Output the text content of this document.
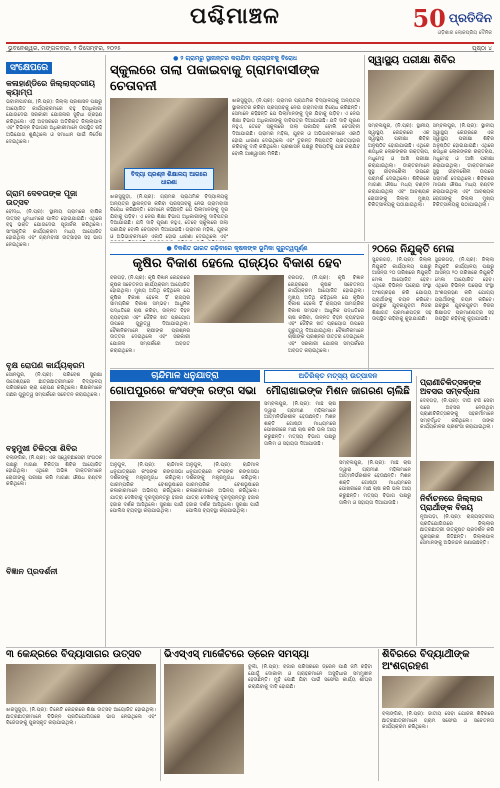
ପଶ୍ଚିମାଞ୍ଚଳ	50 ପ୍ରତିଦିନ
ଓଡ଼ିଶାର ଲୋକପ୍ରିୟ ଦୈନିକ
ଭୁବନେଶ୍ୱର, ମଙ୍ଗଳବାର, ୨ ଡିସେମ୍ବର, ୨୦୨୫	ପୃଷ୍ଠା ୪
ସଂକ୍ଷେପରେ
କଳାହାଣ୍ଡିରେ ଜିଲ୍ଲାସ୍ତରୀୟ କ୍ୟାମ୍ପ
ଭବାନୀପାଟଣା, (ନି.ପ୍ର): ଜିଲ୍ଲା ପ୍ରଶାସନ ପକ୍ଷରୁ ଆୟୋଜିତ କାର୍ଯ୍ୟକ୍ରମରେ ବହୁ ହିତାଧିକାରୀ ଯୋଗଦେଇ ସରକାରୀ ଯୋଜନାର ସୁବିଧା ଗ୍ରହଣ କରିଥିଲେ। ଏହି ଅବସରରେ ଅତିରିକ୍ତ ଜିଲ୍ଲାପାଳ ଏବଂ ବିଭିନ୍ନ ବିଭାଗର ଅଧିକାରୀମାନେ ଉପସ୍ଥିତ ରହି ଅଭିଯୋଗ ଶୁଣିଥିଲେ ଓ ସମାଧାନ ପାଇଁ ନିର୍ଦ୍ଦେଶ ଦେଇଥିଲେ।
ଗ୍ରାମ ଦେବତାଙ୍କ ପୂଜା ଉତ୍ସବ
ବୌଦ୍ଧ, (ନି.ପ୍ର): ସ୍ଥାନୀୟ ଗ୍ରାମରେ ବାର୍ଷିକ ଉତ୍ସବ ଧୁମଧାମରେ ପାଳିତ ହୋଇଯାଇଛି। ଏଥିରେ ବହୁ ଭକ୍ତ ଯୋଗଦେଇ ପୂଜାର୍ଚ୍ଚନା କରିଥିଲେ। ସାଂସ୍କୃତିକ କାର୍ଯ୍ୟକ୍ରମ ମଧ୍ୟ ଆୟୋଜିତ ହୋଇଥିଲା ଏବଂ ଗ୍ରାମବାସୀ ଉତ୍ସାହର ସହ ଭାଗ ନେଇଥିଲେ।
ବୃକ୍ଷ ରୋପଣ କାର୍ଯ୍ୟକ୍ରମ
ସୋନପୁର, (ନି.ପ୍ର): ପରିବେଶ ସୁରକ୍ଷା ଉଦ୍ଦେଶ୍ୟରେ ଛାତ୍ରଛାତ୍ରୀମାନେ ବିଦ୍ୟାଳୟ ପରିସରରେ ଚାରା ରୋପଣ କରିଥିଲେ। ଶିକ୍ଷକମାନେ ଗଛର ଗୁରୁତ୍ୱ ସମ୍ପର୍କରେ ସଚେତନ କରାଇଥିଲେ।
ବହୁମୁଖୀ ଚିକିତ୍ସା ଶିବିର
ବଲାଙ୍ଗିର, (ନି.ପ୍ର): ଏକ ସ୍ୱେଚ୍ଛାସେବୀ ସଂଗଠନ ପକ୍ଷରୁ ମାଗଣା ଚିକିତ୍ସା ଶିବିର ଆୟୋଜିତ ହୋଇଥିଲା। ଏଥିରେ ଅଭିଜ୍ଞ ଡାକ୍ତରମାନେ ରୋଗୀଙ୍କୁ ପରୀକ୍ଷା କରି ମାଗଣା ଔଷଧ ବଣ୍ଟନ କରିଥିଲେ।
ବିଜ୍ଞାନ ପ୍ରଦର୍ଶନୀ
● ୨ ଗ୍ରାମରୁ ସ୍ଥାନାନ୍ତର କରାଯିବା ପ୍ରସ୍ତାବକୁ ବିରୋଧ
ସ୍କୁଲରେ ତାଲା ପକାଇବାକୁ ଗ୍ରାମବାସୀଙ୍କ ଚେତାବନୀ
ବିଦ୍ୟା ପ୍ରଶ୍ନ ଶିକ୍ଷାଳୟ ଆଗରେ ଧାରଣା
ଝାରସୁଗୁଡ଼ା, (ନି.ପ୍ର): ଗ୍ରାମର ପ୍ରାଥମିକ ବିଦ୍ୟାଳୟକୁ ଅନ୍ୟତ୍ର ସ୍ଥାନାନ୍ତର କରିବା ପ୍ରସ୍ତାବକୁ ନେଇ ଗ୍ରାମବାସୀ ବିରୋଧ କରିଛନ୍ତି। ସେମାନେ କହିଛନ୍ତି ଯେ ପିଲାମାନଙ୍କୁ ଦୂର ଯିବାକୁ ପଡ଼ିବ। ଏ ନେଇ ଶିକ୍ଷା ବିଭାଗ ଅଧିକାରୀଙ୍କୁ ଦାବିପତ୍ର ଦିଆଯାଇଛି। ଯଦି ଦାବି ପୂରଣ ନହୁଏ, ତେବେ ସ୍କୁଲରେ ତାଲା ପକାଯିବ ବୋଲି ଚେତାବନୀ ଦିଆଯାଇଛି। ଗ୍ରାମର ମହିଳା, ଯୁବକ ଓ ଅଭିଭାବକମାନେ ଏକାଠି ହୋଇ ଧାରଣା ଦେଇଥିଲେ ଏବଂ
ଝାରସୁଗୁଡ଼ା, (ନି.ପ୍ର): ଗ୍ରାମର ପ୍ରାଥମିକ ବିଦ୍ୟାଳୟକୁ ଅନ୍ୟତ୍ର ସ୍ଥାନାନ୍ତର କରିବା ପ୍ରସ୍ତାବକୁ ନେଇ ଗ୍ରାମବାସୀ ବିରୋଧ କରିଛନ୍ତି। ସେମାନେ କହିଛନ୍ତି ଯେ ପିଲାମାନଙ୍କୁ ଦୂର ଯିବାକୁ ପଡ଼ିବ। ଏ ନେଇ ଶିକ୍ଷା ବିଭାଗ ଅଧିକାରୀଙ୍କୁ ଦାବିପତ୍ର ଦିଆଯାଇଛି। ଯଦି ଦାବି ପୂରଣ ନହୁଏ, ତେବେ ସ୍କୁଲରେ ତାଲା ପକାଯିବ ବୋଲି ଚେତାବନୀ ଦିଆଯାଇଛି। ଗ୍ରାମର ମହିଳା, ଯୁବକ ଓ ଅଭିଭାବକମାନେ ଏକାଠି ହୋଇ ଧାରଣା ଦେଇଥିଲେ ଏବଂ ତୁରନ୍ତ ନିଷ୍ପତ୍ତି ପ୍ରତ୍ୟାହାର କରିବାକୁ ଦାବି କରିଥିଲେ। ପ୍ରଶାସନ ପକ୍ଷରୁ ବିଷୟଟିକୁ ଯାଞ୍ଚ କରାଯିବ ବୋଲି ଆଶ୍ୱାସନା ମିଳିଛି।
ସ୍ୱାସ୍ଥ୍ୟ ପରୀକ୍ଷା ଶିବିର
ସମ୍ବଲପୁର, (ନି.ପ୍ର): ସ୍ଥାନୀୟ ସ୍ୱାସ୍ଥ୍ୟ କେନ୍ଦ୍ରରେ ଏକ ସ୍ୱାସ୍ଥ୍ୟ ପରୀକ୍ଷା ଶିବିର ଅନୁଷ୍ଠିତ ହୋଇଯାଇଛି। ଏଥିରେ ଶତାଧିକ ଲୋକଙ୍କର ରକ୍ତଚାପ, ମଧୁମେହ ଓ ଆଖି ପରୀକ୍ଷା କରାଯାଇଥିଲା। ଡାକ୍ତରମାନେ ସୁସ୍ଥ ଜୀବନଶୈଳୀ ଉପରେ ପରାମର୍ଶ ଦେଇଥିଲେ। ଶିବିରରେ ମାଗଣା ଔଷଧ ମଧ୍ୟ ବଣ୍ଟନ କରାଯାଇଥିଲା ଏବଂ ଆବଶ୍ୟକ ରୋଗୀଙ୍କୁ ଜିଲ୍ଲା ମୁଖ୍ୟ ଚିକିତ୍ସାଳୟକୁ ପଠାଯାଇଥିଲା।
ସମ୍ବଲପୁର, (ନି.ପ୍ର): ସ୍ଥାନୀୟ ସ୍ୱାସ୍ଥ୍ୟ କେନ୍ଦ୍ରରେ ଏକ ସ୍ୱାସ୍ଥ୍ୟ ପରୀକ୍ଷା ଶିବିର ଅନୁଷ୍ଠିତ ହୋଇଯାଇଛି। ଏଥିରେ ଶତାଧିକ ଲୋକଙ୍କର ରକ୍ତଚାପ, ମଧୁମେହ ଓ ଆଖି ପରୀକ୍ଷା କରାଯାଇଥିଲା। ଡାକ୍ତରମାନେ ସୁସ୍ଥ ଜୀବନଶୈଳୀ ଉପରେ ପରାମର୍ଶ ଦେଇଥିଲେ। ଶିବିରରେ ମାଗଣା ଔଷଧ ମଧ୍ୟ ବଣ୍ଟନ କରାଯାଇଥିଲା ଏବଂ ଆବଶ୍ୟକ ରୋଗୀଙ୍କୁ ଜିଲ୍ଲା ମୁଖ୍ୟ ଚିକିତ୍ସାଳୟକୁ ପଠାଯାଇଥିଲା।
● ବିକଶିତ ଭାରତ ଗଢ଼ିବାରେ କୃଷକଙ୍କ ଭୂମିକା ଗୁରୁତ୍ୱପୂର୍ଣ୍ଣ
କୃଷିର ବିକାଶ ହେଲେ ରାଜ୍ୟର ବିକାଶ ହେବ
ବରଗଡ଼, (ନି.ପ୍ର): କୃଷି ବିଜ୍ଞାନ କେନ୍ଦ୍ରରେ କୃଷକ ସଚେତନତା କାର୍ଯ୍ୟକ୍ରମ ଆୟୋଜିତ ହୋଇଥିଲା। ମୁଖ୍ୟ ଅତିଥି କହିଥିଲେ ଯେ କୃଷିର ବିକାଶ ହେଲେ ହିଁ ରାଜ୍ୟର ସାମଗ୍ରିକ ବିକାଶ ସମ୍ଭବ। ଆଧୁନିକ ପଦ୍ଧତିରେ ଚାଷ କରିବା, ଉନ୍ନତ ବିହନ ବ୍ୟବହାର ଏବଂ ଜୈବିକ ଖତ ପ୍ରୟୋଗ ଉପରେ ଗୁରୁତ୍ୱ ଦିଆଯାଇଥିଲା। ବୈଜ୍ଞାନିକମାନେ ଚାଷୀଙ୍କ ପ୍ରଶ୍ନର ଉତ୍ତର ଦେଇଥିଲେ ଏବଂ ସରକାରୀ ଯୋଜନା ସମ୍ପର୍କରେ ଅବଗତ କରାଇଥିଲେ।
ବରଗଡ଼, (ନି.ପ୍ର): କୃଷି ବିଜ୍ଞାନ କେନ୍ଦ୍ରରେ କୃଷକ ସଚେତନତା କାର୍ଯ୍ୟକ୍ରମ ଆୟୋଜିତ ହୋଇଥିଲା। ମୁଖ୍ୟ ଅତିଥି କହିଥିଲେ ଯେ କୃଷିର ବିକାଶ ହେଲେ ହିଁ ରାଜ୍ୟର ସାମଗ୍ରିକ ବିକାଶ ସମ୍ଭବ। ଆଧୁନିକ ପଦ୍ଧତିରେ ଚାଷ କରିବା, ଉନ୍ନତ ବିହନ ବ୍ୟବହାର ଏବଂ ଜୈବିକ ଖତ ପ୍ରୟୋଗ ଉପରେ ଗୁରୁତ୍ୱ ଦିଆଯାଇଥିଲା। ବୈଜ୍ଞାନିକମାନେ ଚାଷୀଙ୍କ ପ୍ରଶ୍ନର ଉତ୍ତର ଦେଇଥିଲେ ଏବଂ ସରକାରୀ ଯୋଜନା ସମ୍ପର୍କରେ ଅବଗତ କରାଇଥିଲେ।
୨୦ରେ ନିଯୁକ୍ତି ମେଳା
ସୁନ୍ଦରଗଡ଼, (ନି.ପ୍ର): ଜିଲ୍ଲା ନିଯୁକ୍ତି କାର୍ଯ୍ୟାଳୟ ପକ୍ଷରୁ ଆସନ୍ତା ୨୦ ତାରିଖରେ ନିଯୁକ୍ତି ମେଳା ଆୟୋଜିତ ହେବ। ଏଥିରେ ବିଭିନ୍ନ ଘରୋଇ ସଂସ୍ଥା ଅଂଶଗ୍ରହଣ କରି ଯୋଗ୍ୟ ପ୍ରାର୍ଥୀଙ୍କୁ ଚୟନ କରିବେ। ଇଚ୍ଛୁକ ଯୁବକଯୁବତୀ ନିଜର ଶିକ୍ଷାଗତ ପ୍ରମାଣପତ୍ର ସହ ଉପସ୍ଥିତ ରହିବାକୁ କୁହାଯାଇଛି।
ସୁନ୍ଦରଗଡ଼, (ନି.ପ୍ର): ଜିଲ୍ଲା ନିଯୁକ୍ତି କାର୍ଯ୍ୟାଳୟ ପକ୍ଷରୁ ଆସନ୍ତା ୨୦ ତାରିଖରେ ନିଯୁକ୍ତି ମେଳା ଆୟୋଜିତ ହେବ। ଏଥିରେ ବିଭିନ୍ନ ଘରୋଇ ସଂସ୍ଥା ଅଂଶଗ୍ରହଣ କରି ଯୋଗ୍ୟ ପ୍ରାର୍ଥୀଙ୍କୁ ଚୟନ କରିବେ। ଇଚ୍ଛୁକ ଯୁବକଯୁବତୀ ନିଜର ଶିକ୍ଷାଗତ ପ୍ରମାଣପତ୍ର ସହ ଉପସ୍ଥିତ ରହିବାକୁ କୁହାଯାଇଛି।
ଚାନ୍ଦିମାଳ ଧନୁଯାତ୍ରା
ଗୋପପୁରରେ କଂସଙ୍କ ରଙ୍ଗ ସଭା
ଅନୁଗୁଳ, (ନି.ପ୍ର): ଚାନ୍ଦିମାଳ ଧନୁଯାତ୍ରାରେ କଂସଙ୍କ ରଙ୍ଗସଭା ଦର୍ଶକଙ୍କୁ ମନ୍ତ୍ରମୁଗ୍ଧ କରିଥିଲା। ପାରମ୍ପରିକ ବେଶଭୂଷାରେ କଳାକାରମାନେ ଅଭିନୟ କରିଥିଲେ। ଯାତ୍ରା ଦେଖିବାକୁ ଦୂରଦୂରାନ୍ତରୁ ହଜାର ହଜାର ଦର୍ଶକ ଆସିଥିଲେ। ସୁରକ୍ଷା ପାଇଁ ପୋଲିସ ବ୍ୟବସ୍ଥା କରାଯାଇଥିଲା।
ଅନୁଗୁଳ, (ନି.ପ୍ର): ଚାନ୍ଦିମାଳ ଧନୁଯାତ୍ରାରେ କଂସଙ୍କ ରଙ୍ଗସଭା ଦର୍ଶକଙ୍କୁ ମନ୍ତ୍ରମୁଗ୍ଧ କରିଥିଲା। ପାରମ୍ପରିକ ବେଶଭୂଷାରେ କଳାକାରମାନେ ଅଭିନୟ କରିଥିଲେ। ଯାତ୍ରା ଦେଖିବାକୁ ଦୂରଦୂରାନ୍ତରୁ ହଜାର ହଜାର ଦର୍ଶକ ଆସିଥିଲେ। ସୁରକ୍ଷା ପାଇଁ ପୋଲିସ ବ୍ୟବସ୍ଥା କରାଯାଇଥିଲା।
ଅତିରିକ୍ତ ମତ୍ସ୍ୟ ଉତ୍ପାଦନ
ମୌରାଖାଇଙ୍କ ମିଶନ ଜାଗରଣ ଚାଲିଛି
ସମ୍ବଲପୁର, (ନି.ପ୍ର): ମାଛ ଚାଷ ଦ୍ୱାରା ଗ୍ରାମୀଣ ମହିଳାମାନେ ଆତ୍ମନିର୍ଭରଶୀଳ ହେଉଛନ୍ତି। ମିଶନ ଶକ୍ତି ଗୋଷ୍ଠୀ ମାଧ୍ୟମରେ ପୋଖରୀରେ ମାଛ ଚାଷ କରି ଭଲ ଆୟ କରୁଛନ୍ତି। ମତ୍ସ୍ୟ ବିଭାଗ ପକ୍ଷରୁ ତାଲିମ ଓ ସହାୟତା ଦିଆଯାଉଛି।
ସମ୍ବଲପୁର, (ନି.ପ୍ର): ମାଛ ଚାଷ ଦ୍ୱାରା ଗ୍ରାମୀଣ ମହିଳାମାନେ ଆତ୍ମନିର୍ଭରଶୀଳ ହେଉଛନ୍ତି। ମିଶନ ଶକ୍ତି ଗୋଷ୍ଠୀ ମାଧ୍ୟମରେ ପୋଖରୀରେ ମାଛ ଚାଷ କରି ଭଲ ଆୟ କରୁଛନ୍ତି। ମତ୍ସ୍ୟ ବିଭାଗ ପକ୍ଷରୁ ତାଲିମ ଓ ସହାୟତା ଦିଆଯାଉଛି।
ପ୍ରାଣୀଚିକିତ୍ସକଙ୍କ ଅବସର ସମ୍ବର୍ଦ୍ଧନା
ଦେବଗଡ଼, (ନି.ପ୍ର): ଦୀର୍ଘ ବର୍ଷ ସେବା ପରେ ଅବସର ନେଉଥିବା ପ୍ରାଣୀଚିକିତ୍ସକଙ୍କୁ ସହକର୍ମୀମାନେ ସମ୍ବର୍ଦ୍ଧିତ କରିଥିଲେ। ତାଙ୍କ କାର୍ଯ୍ୟକାଳର ପ୍ରଶଂସା କରାଯାଇଥିଲା।
ନିର୍ବାଚନରେ ଜିଲ୍ଲାର ପ୍ରାର୍ଥୀଙ୍କ ବିଜୟ
ନୂଆପଡ଼ା, (ନି.ପ୍ର): ରାଜ୍ୟସ୍ତରୀୟ ପ୍ରତିଯୋଗିତାରେ ଜିଲ୍ଲାର ଛାତ୍ରଛାତ୍ରୀ ଉତ୍କୃଷ୍ଟ ପ୍ରଦର୍ଶନ କରି ପୁରସ୍କାର ଜିତିଛନ୍ତି। ଜିଲ୍ଲାପାଳ ସେମାନଙ୍କୁ ଅଭିନନ୍ଦନ ଜଣାଇଛନ୍ତି।
୩ କେନ୍ଦ୍ରରେ ବିଦ୍ୟାସାଗର ଉତ୍ସବ
ଝାରସୁଗୁଡ଼ା, (ନି.ପ୍ର): ତିନୋଟି କେନ୍ଦ୍ରରେ ଶିକ୍ଷା ଉତ୍ସବ ଆୟୋଜିତ ହୋଇଥିଲା। ଛାତ୍ରଛାତ୍ରୀମାନେ ବିଭିନ୍ନ ପ୍ରତିଯୋଗିତାରେ ଭାଗ ନେଇଥିଲେ ଏବଂ ବିଜେତାଙ୍କୁ ପୁରସ୍କୃତ କରାଯାଇଥିଲା।
ଭିଏସ୍ଏସ୍ ମାର୍କେଟରେ ଡ୍ରେନ ସମସ୍ୟା
ବୁର୍ଲା, (ନି.ପ୍ର): ବଜାର ପରିସରରେ ଡ୍ରେନ ପାଣି ଜମି ରହିବା ଯୋଗୁଁ ଦୋକାନୀ ଓ ଗ୍ରାହକମାନେ ଅସୁବିଧାର ସମ୍ମୁଖୀନ ହେଉଛନ୍ତି। ମୁହଁ ପୋଛି ଯିବା ପାଇଁ ସଫେଇ କାର୍ଯ୍ୟ ଶୀଘ୍ର କରାଯିବାକୁ ଦାବି ହୋଇଛି।
ଶିବିରରେ ବିଦ୍ୟାର୍ଥୀଙ୍କ ଅଂଶଗ୍ରହଣ
ବଲାଙ୍ଗିର, (ନି.ପ୍ର): ଜାତୀୟ ସେବା ଯୋଜନା ଶିବିରରେ ଛାତ୍ରଛାତ୍ରୀମାନେ ଗ୍ରାମ ସଫେଇ ଓ ସଚେତନତା କାର୍ଯ୍ୟକ୍ରମ କରିଥିଲେ।
